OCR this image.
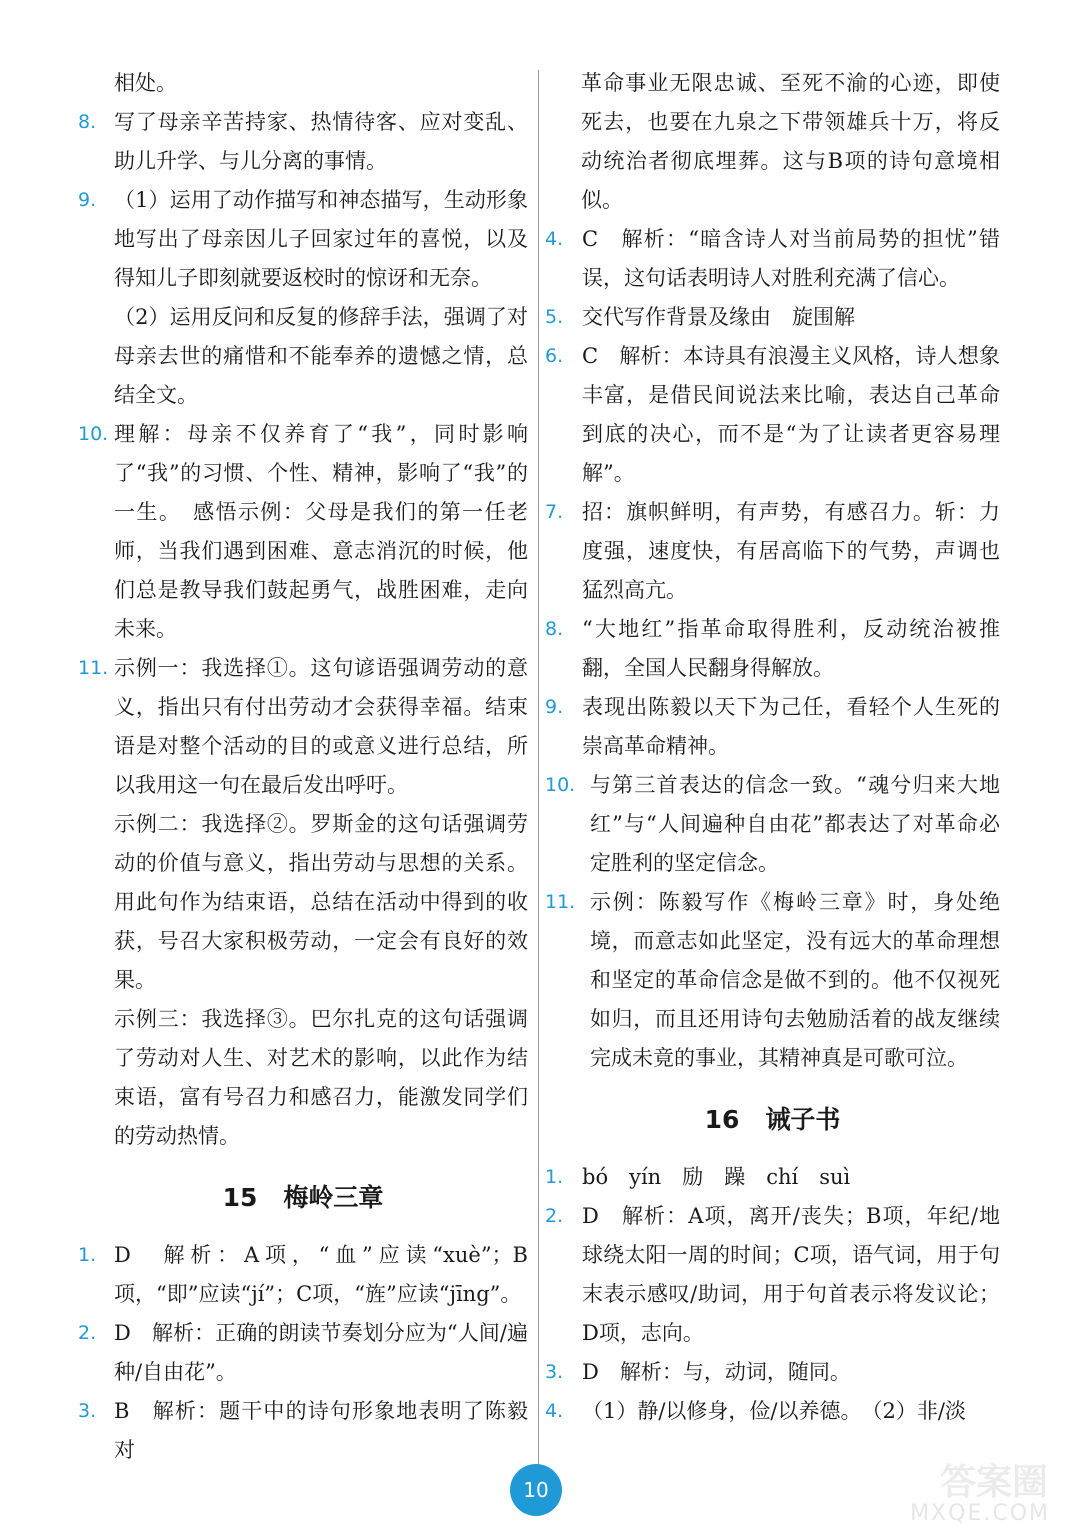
相处。
8. 写了母亲辛苦持家、热情待客、应对变乱、助儿升学、与儿分离的事情。
9. （1）运用了动作描写和神态描写，生动形象地写出了母亲因儿子回家过年的喜悦，以及得知儿子即刻就要返校时的惊讶和无奈。
（2）运用反问和反复的修辞手法，强调了对母亲去世的痛惜和不能奉养的遗憾之情，总结全文。
10. 理解：母亲不仅养育了“我”，同时影响了“我”的习惯、个性、精神，影响了“我”的一生。　感悟示例：父母是我们的第一任老师，当我们遇到困难、意志消沉的时候，他们总是教导我们鼓起勇气，战胜困难，走向未来。
11. 示例一：我选择①。这句谚语强调劳动的意义，指出只有付出劳动才会获得幸福。结束语是对整个活动的目的或意义进行总结，所以我用这一句在最后发出呼吁。
示例二：我选择②。罗斯金的这句话强调劳动的价值与意义，指出劳动与思想的关系。用此句作为结束语，总结在活动中得到的收获，号召大家积极劳动，一定会有良好的效果。
示例三：我选择③。巴尔扎克的这句话强调了劳动对人生、对艺术的影响，以此作为结束语，富有号召力和感召力，能激发同学们的劳动热情。
15 梅岭三章
1. D　解析：A项，“血”应读“xuè”；B项，“即”应读“jí”；C项，“旌”应读“jīng”。
2. D　解析：正确的朗读节奏划分应为“人间/遍种/自由花”。
3. B　解析：题干中的诗句形象地表明了陈毅对
革命事业无限忠诚、至死不渝的心迹，即使死去，也要在九泉之下带领雄兵十万，将反动统治者彻底埋葬。这与B项的诗句意境相似。
4. C　解析：“暗含诗人对当前局势的担忧”错误，这句话表明诗人对胜利充满了信心。
5. 交代写作背景及缘由　旋围解
6. C　解析：本诗具有浪漫主义风格，诗人想象丰富，是借民间说法来比喻，表达自己革命到底的决心，而不是“为了让读者更容易理解”。
7. 招：旗帜鲜明，有声势，有感召力。斩：力度强，速度快，有居高临下的气势，声调也猛烈高亢。
8. “大地红”指革命取得胜利，反动统治被推翻，全国人民翻身得解放。
9. 表现出陈毅以天下为己任，看轻个人生死的崇高革命精神。
10. 与第三首表达的信念一致。“魂兮归来大地红”与“人间遍种自由花”都表达了对革命必定胜利的坚定信念。
11. 示例：陈毅写作《梅岭三章》时，身处绝境，而意志如此坚定，没有远大的革命理想和坚定的革命信念是做不到的。他不仅视死如归，而且还用诗句去勉励活着的战友继续完成未竟的事业，其精神真是可歌可泣。
16 诫子书
1. bó　yín　励　躁　chí　suì
2. D　解析：A项，离开/丧失；B项，年纪/地球绕太阳一周的时间；C项，语气词，用于句末表示感叹/助词，用于句首表示将发议论；D项，志向。
3. D　解析：与，动词，随同。
4. （1）静/以修身，俭/以养德。　（2）非/淡
10	答案圈
MXQE.COM
